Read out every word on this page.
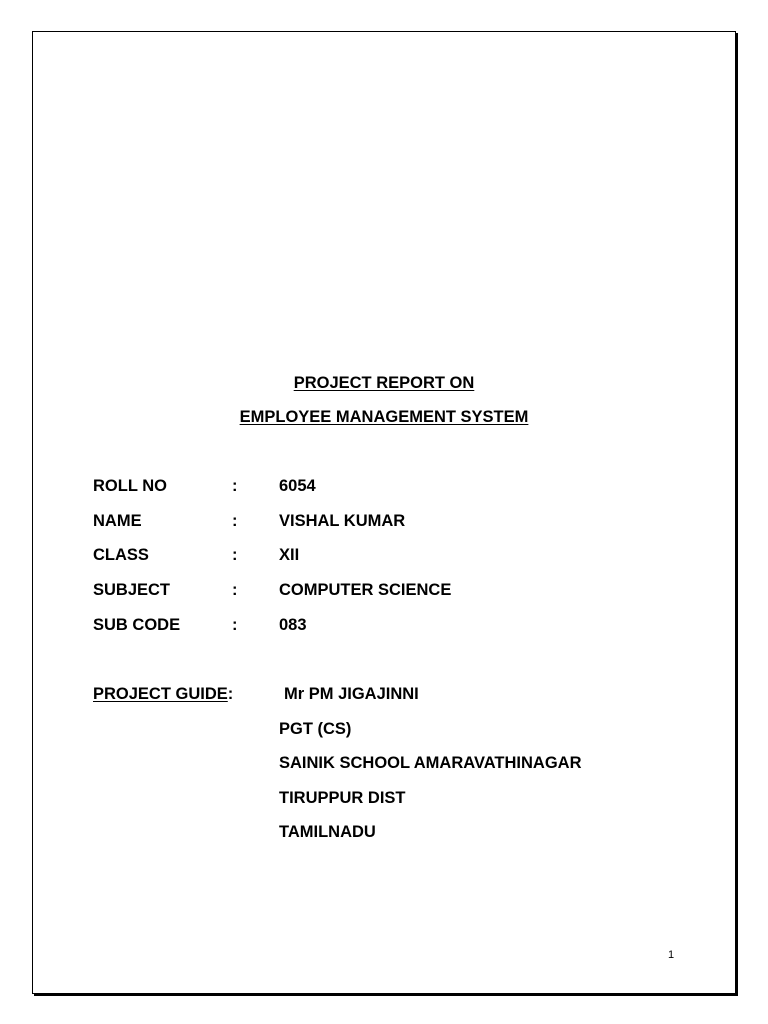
PROJECT REPORT ON
EMPLOYEE MANAGEMENT SYSTEM
ROLL NO	:	6054
NAME	:	VISHAL KUMAR
CLASS	:	XII
SUBJECT	:	COMPUTER SCIENCE
SUB CODE	:	083
PROJECT GUIDE:	Mr PM JIGAJINNI
PGT (CS)
SAINIK SCHOOL AMARAVATHINAGAR
TIRUPPUR DIST
TAMILNADU
1
